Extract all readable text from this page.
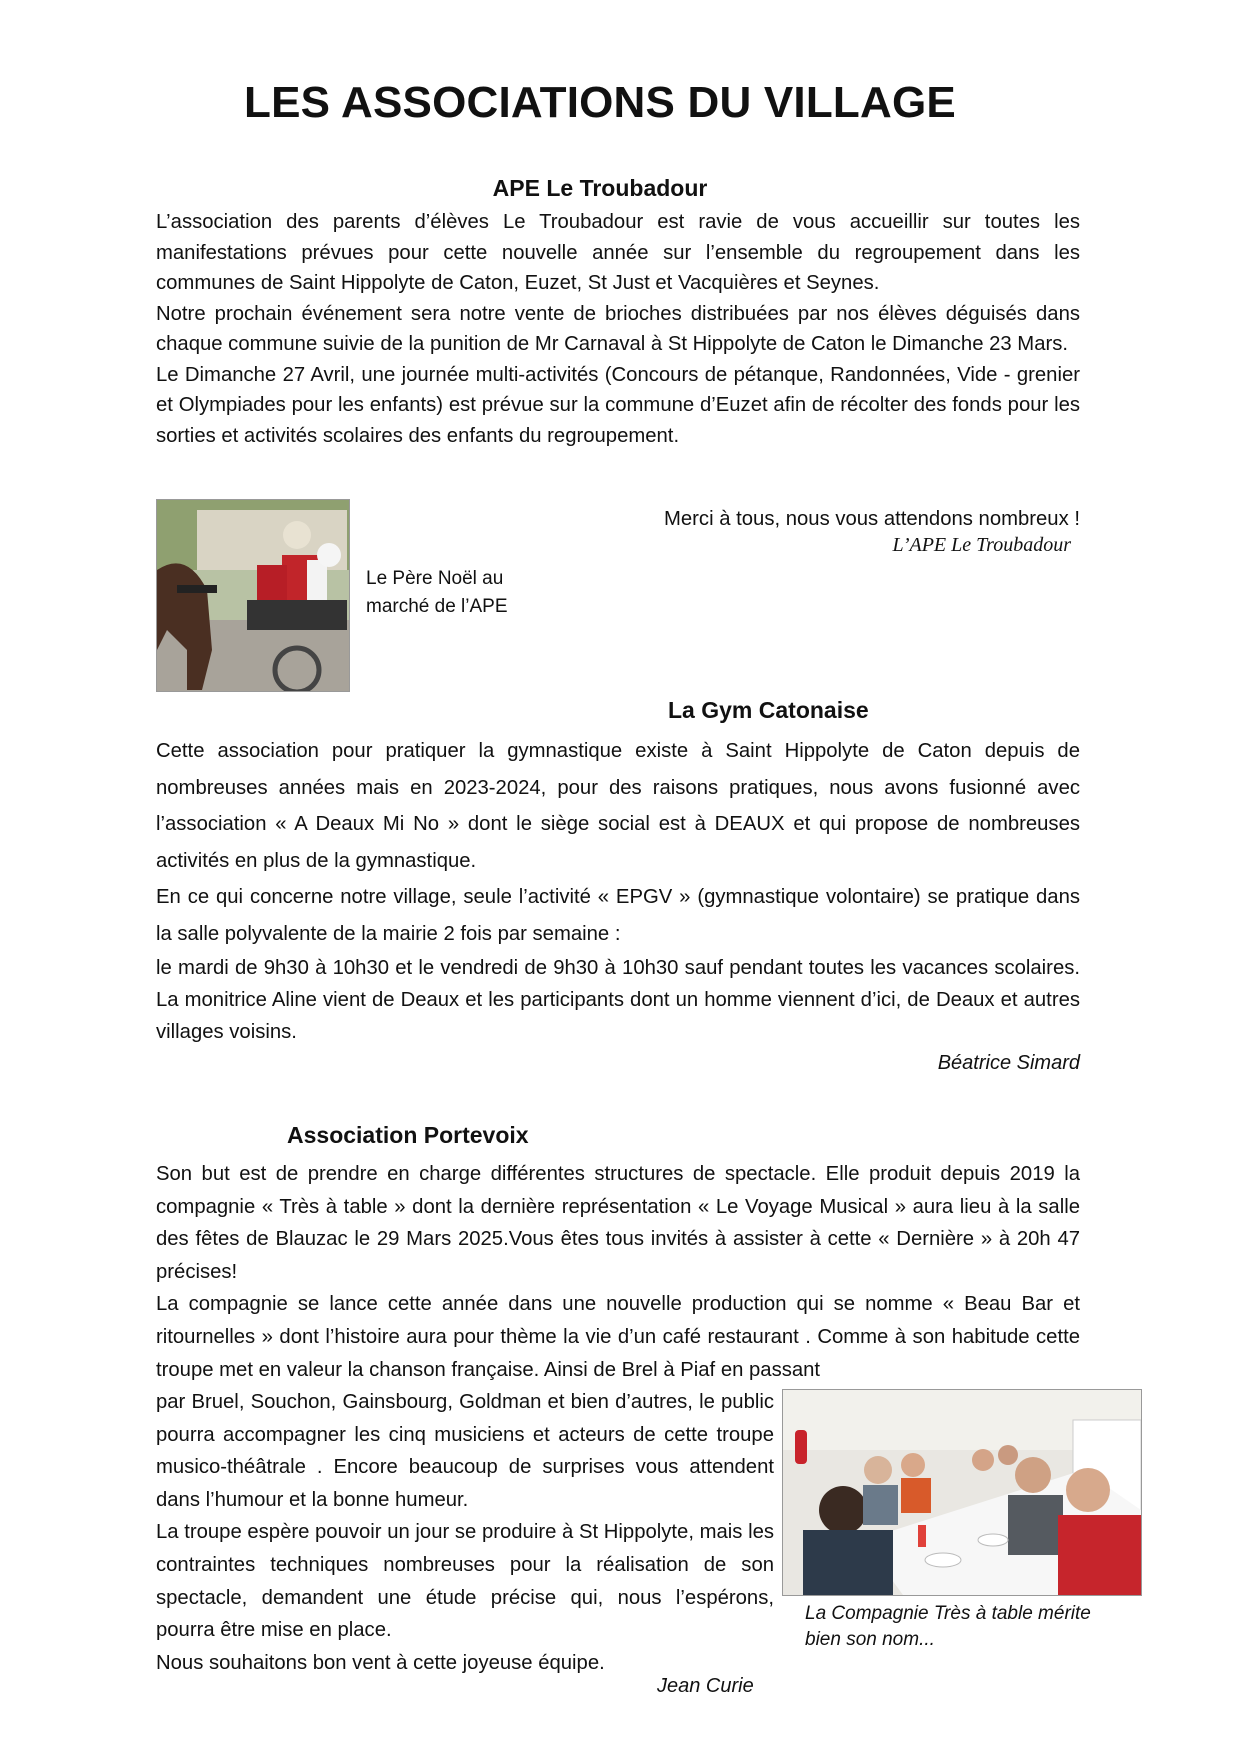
LES ASSOCIATIONS DU VILLAGE
APE Le Troubadour

L’association des parents d’élèves Le Troubadour est ravie de vous accueillir sur toutes les manifestations prévues pour cette nouvelle année sur l’ensemble du regroupement dans les communes de Saint Hippolyte de Caton, Euzet, St Just et Vacquières et Seynes.

Notre prochain événement sera notre vente de brioches distribuées par nos élèves déguisés dans chaque commune suivie de la punition de Mr Carnaval à St Hippolyte de Caton le Dimanche 23 Mars.

Le Dimanche 27 Avril, une journée multi-activités (Concours de pétanque, Randonnées, Vide - grenier et Olympiades pour les enfants) est prévue sur la commune d’Euzet afin de récolter des fonds pour les sorties et activités scolaires des enfants du regroupement.

Le Père Noël au
marché de l’APE
Merci à tous, nous vous attendons nombreux !
L’APE Le Troubadour
La Gym Catonaise

Cette association pour pratiquer la gymnastique existe à Saint Hippolyte de Caton depuis de nombreuses années mais en 2023-2024, pour des raisons pratiques, nous avons fusionné avec l’association « A Deaux Mi No » dont le siège social est à DEAUX et qui propose de nombreuses activités en plus de la gymnastique.

En ce qui concerne notre village, seule l’activité « EPGV » (gymnastique volontaire) se pratique dans la salle polyvalente de la mairie 2 fois par semaine :

le mardi de 9h30 à 10h30 et le vendredi de 9h30 à 10h30 sauf pendant toutes les vacances scolaires. La monitrice Aline vient de Deaux et les participants dont un homme viennent d’ici, de Deaux et autres villages voisins.

Béatrice Simard
Association Portevoix

Son but est de prendre en charge différentes structures de spectacle. Elle produit depuis 2019 la compagnie « Très à table » dont la dernière représentation « Le Voyage Musical » aura lieu à la salle des fêtes de Blauzac le 29 Mars 2025.Vous êtes tous invités à assister à cette « Dernière » à 20h 47 précises!

La compagnie se lance cette année dans une nouvelle production qui se nomme « Beau Bar et ritournelles » dont l’histoire aura pour thème la vie d’un café restaurant . Comme à son habitude cette troupe met en valeur la chanson française. Ainsi de Brel à Piaf en passant

par Bruel, Souchon, Gainsbourg, Goldman et bien d’autres, le public pourra accompagner les cinq musiciens et acteurs de cette troupe musico-théâtrale . Encore beaucoup de surprises vous attendent dans l’humour et la bonne humeur.

La troupe espère pouvoir un jour se produire à St Hippolyte, mais les contraintes techniques nombreuses pour la réalisation de son spectacle, demandent une étude précise qui, nous l’espérons, pourra être mise en place.

Nous souhaitons bon vent à cette joyeuse équipe.

La Compagnie Très à table mérite
bien son nom...
Jean Curie
